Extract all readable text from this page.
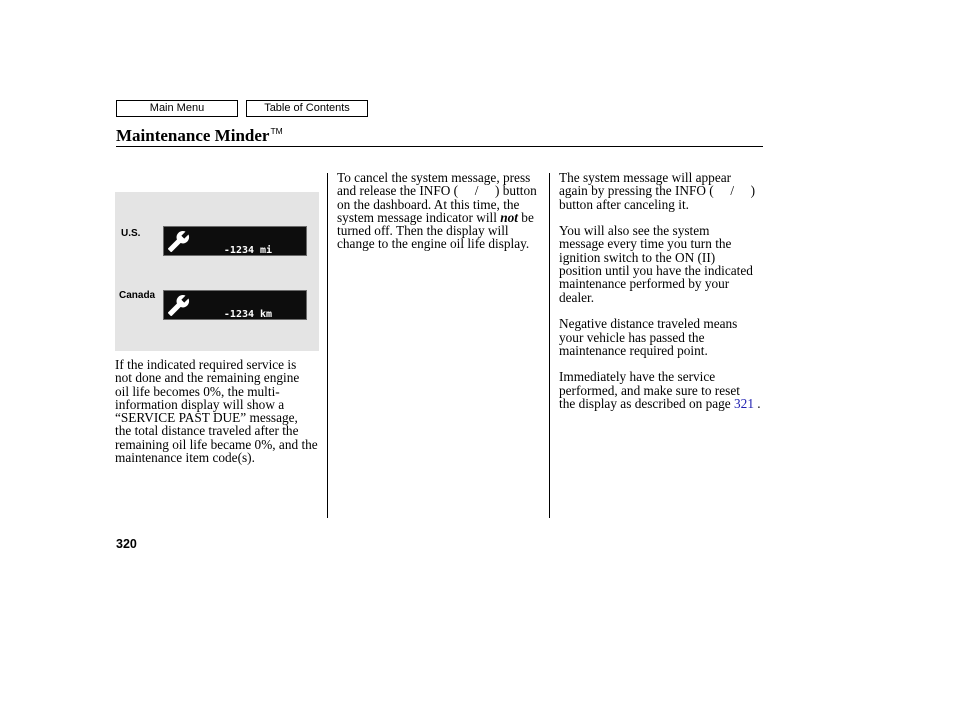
Main Menu	Table of Contents
Maintenance Minder™
U.S.

-1234 mi

Canada

-1234 km

If the indicated required service is
not done and the remaining engine
oil life becomes 0%, the multi-
information display will show a
“SERVICE PAST DUE” message,
the total distance traveled after the
remaining oil life became 0%, and the
maintenance item code(s).
To cancel the system message, press
and release the INFO (     /     ) button
on the dashboard. At this time, the
system message indicator will not be
turned off. Then the display will
change to the engine oil life display.
The system message will appear
again by pressing the INFO (     /     )
button after canceling it.
You will also see the system
message every time you turn the
ignition switch to the ON (II)
position until you have the indicated
maintenance performed by your
dealer.
Negative distance traveled means
your vehicle has passed the
maintenance required point.
Immediately have the service
performed, and make sure to reset
the display as described on page 321 .
320
